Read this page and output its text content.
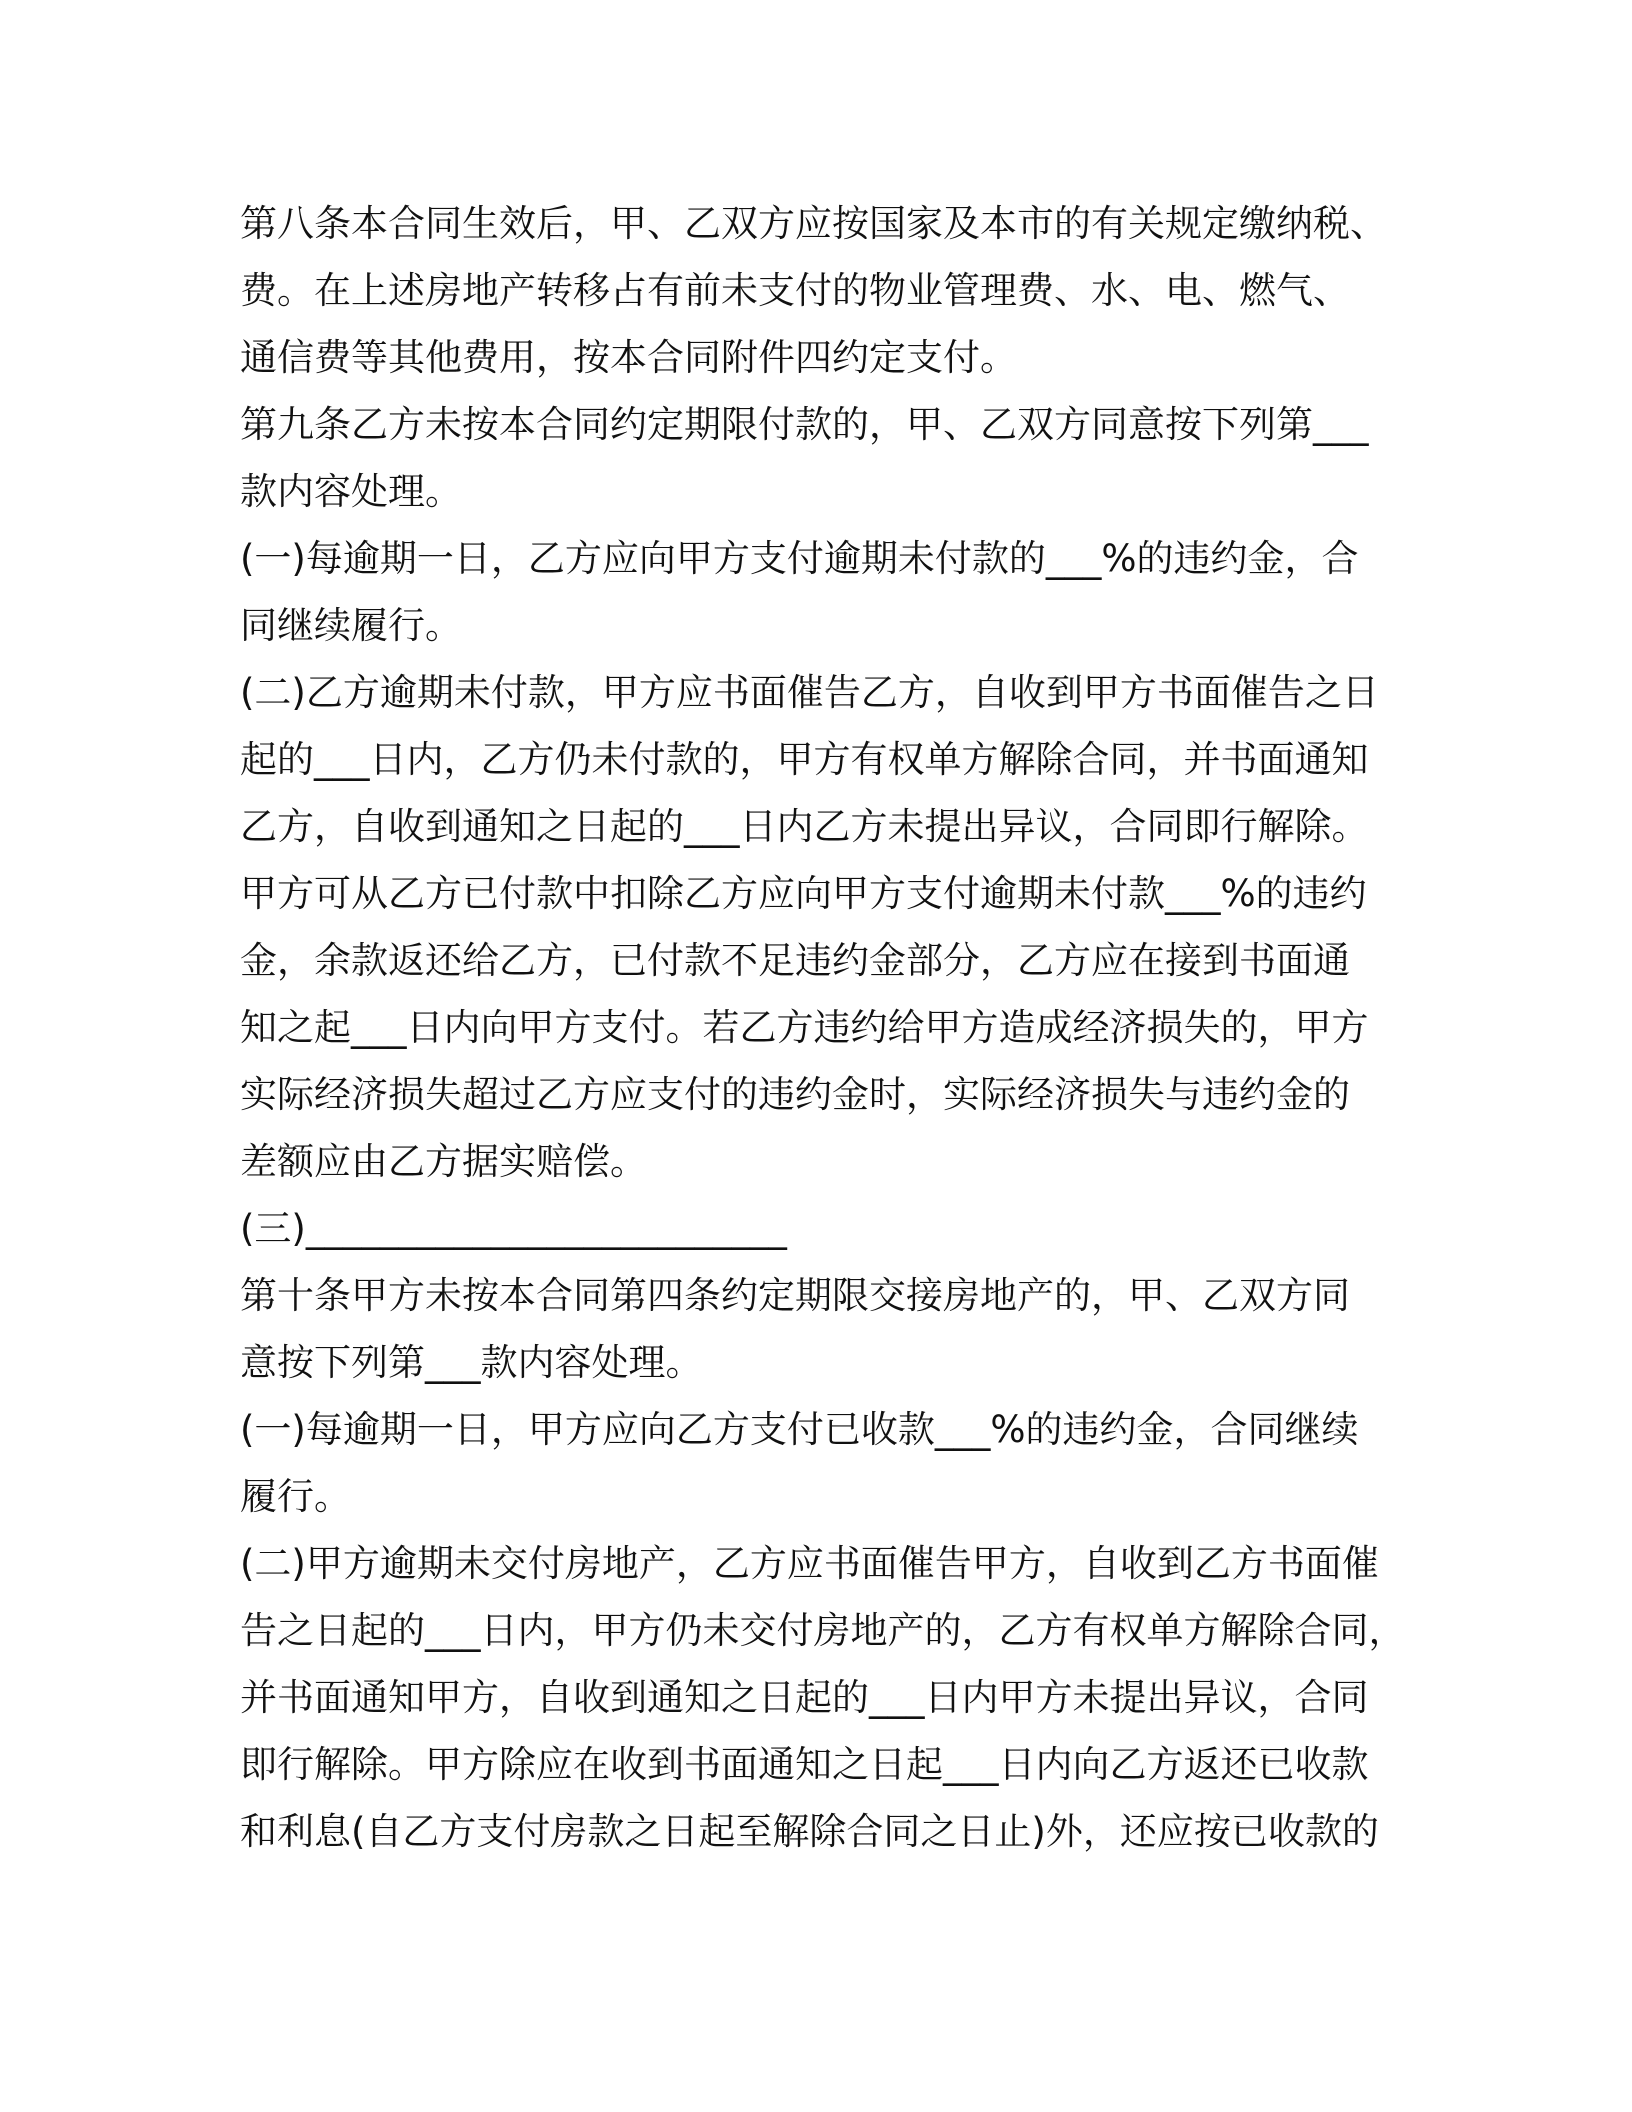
第八条本合同生效后，甲、乙双方应按国家及本市的有关规定缴纳税、
费。在上述房地产转移占有前未支付的物业管理费、水、电、燃气、
通信费等其他费用，按本合同附件四约定支付。
第九条乙方未按本合同约定期限付款的，甲、乙双方同意按下列第___
款内容处理。
(一)每逾期一日，乙方应向甲方支付逾期未付款的___%的违约金，合
同继续履行。
(二)乙方逾期未付款，甲方应书面催告乙方，自收到甲方书面催告之日
起的___日内，乙方仍未付款的，甲方有权单方解除合同，并书面通知
乙方，自收到通知之日起的___日内乙方未提出异议，合同即行解除。
甲方可从乙方已付款中扣除乙方应向甲方支付逾期未付款___%的违约
金，余款返还给乙方，已付款不足违约金部分，乙方应在接到书面通
知之起___日内向甲方支付。若乙方违约给甲方造成经济损失的，甲方
实际经济损失超过乙方应支付的违约金时，实际经济损失与违约金的
差额应由乙方据实赔偿。
(三)__________________________
第十条甲方未按本合同第四条约定期限交接房地产的，甲、乙双方同
意按下列第___款内容处理。
(一)每逾期一日，甲方应向乙方支付已收款___%的违约金，合同继续
履行。
(二)甲方逾期未交付房地产，乙方应书面催告甲方，自收到乙方书面催
告之日起的___日内，甲方仍未交付房地产的，乙方有权单方解除合同，
并书面通知甲方，自收到通知之日起的___日内甲方未提出异议，合同
即行解除。甲方除应在收到书面通知之日起___日内向乙方返还已收款
和利息(自乙方支付房款之日起至解除合同之日止)外，还应按已收款的
